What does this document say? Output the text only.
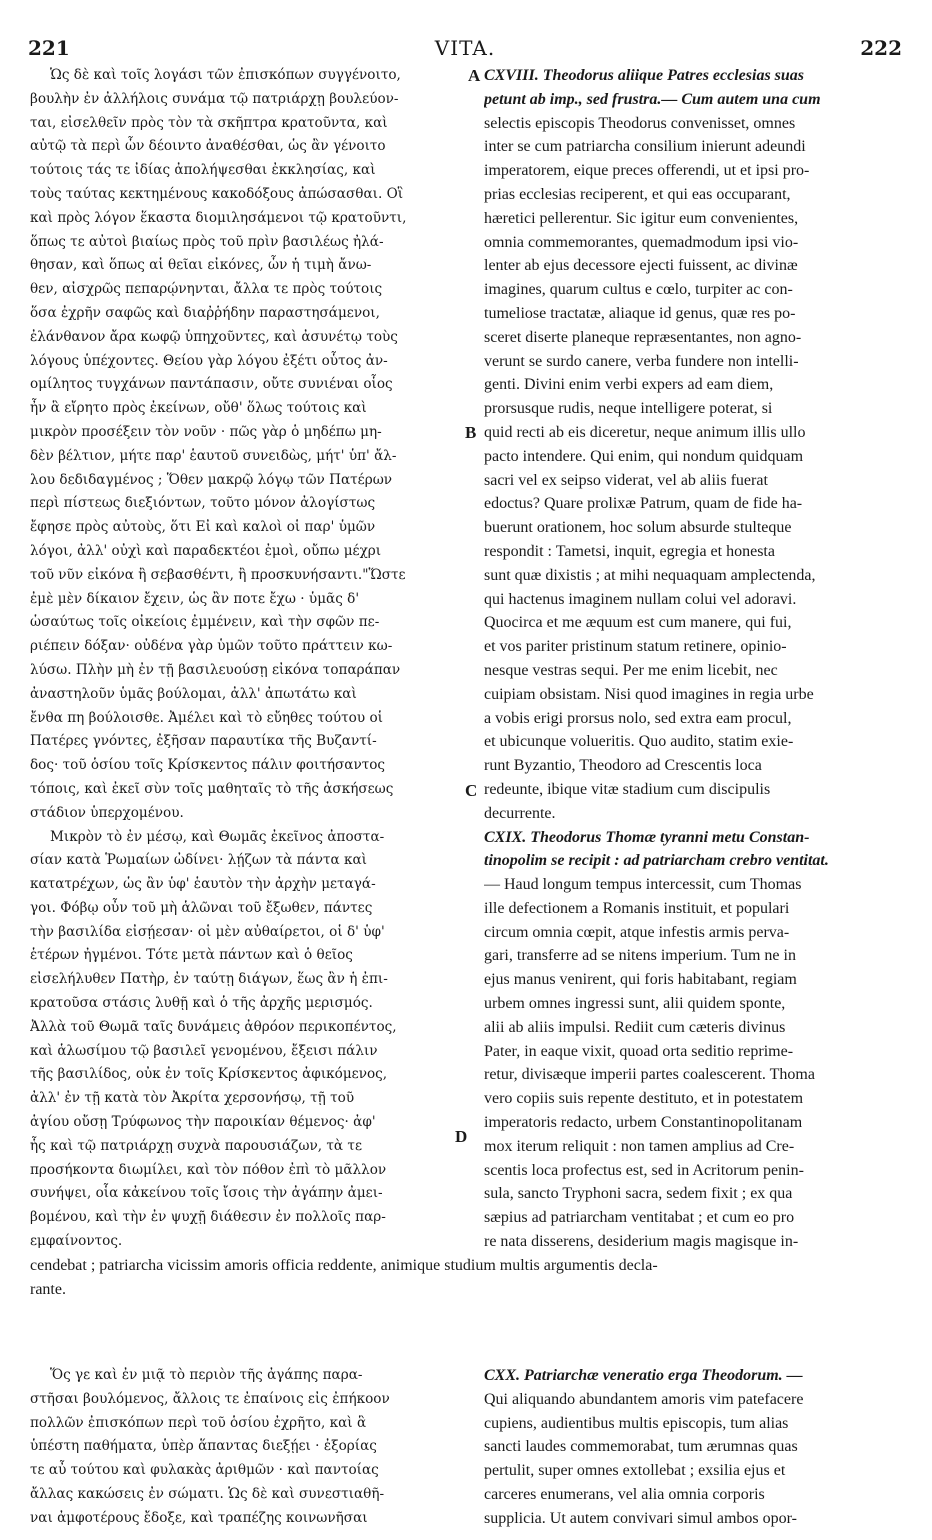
221	VITA.	222
Ὡς δὲ καὶ τοῖς λογάσι τῶν ἐπισκόπων συγγένοιτο,
βουλὴν ἐν ἀλλήλοις συνάμα τῷ πατριάρχῃ βουλεύον-
ται, εἰσελθεῖν πρὸς τὸν τὰ σκῆπτρα κρατοῦντα, καὶ
αὐτῷ τὰ περὶ ὧν δέοιντο ἀναθέσθαι, ὡς ἂν γένοιτο
τούτοις τάς τε ἰδίας ἀπολήψεσθαι ἐκκλησίας, καὶ
τοὺς ταύτας κεκτημένους κακοδόξους ἀπώσασθαι. Οἳ
καὶ πρὸς λόγον ἕκαστα διομιλησάμενοι τῷ κρατοῦντι,
ὅπως τε αὐτοὶ βιαίως πρὸς τοῦ πρὶν βασιλέως ἠλά-
θησαν, καὶ ὅπως αἱ θεῖαι εἰκόνες, ὧν ἡ τιμὴ ἄνω-
θεν, αἰσχρῶς πεπαρῴνηνται, ἄλλα τε πρὸς τούτοις
ὅσα ἐχρῆν σαφῶς καὶ διαῤῥήδην παραστησάμενοι,
ἐλάνθανον ἄρα κωφῷ ὑπηχοῦντες, καὶ ἀσυνέτῳ τοὺς
λόγους ὑπέχοντες. Θείου γὰρ λόγου ἐξέτι οὗτος ἀν-
ομίλητος τυγχάνων παντάπασιν, οὔτε συνιέναι οἷος
ἦν ἃ εἴρητο πρὸς ἐκείνων, οὔθ' ὅλως τούτοις καὶ
μικρὸν προσέξειν τὸν νοῦν · πῶς γὰρ ὁ μηδέπω μη-
δὲν βέλτιον, μήτε παρ' ἑαυτοῦ συνειδὼς, μήτ' ὑπ' ἄλ-
λου δεδιδαγμένος ; Ὅθεν μακρῷ λόγῳ τῶν Πατέρων
περὶ πίστεως διεξιόντων, τοῦτο μόνον ἀλογίστως
ἔφησε πρὸς αὐτοὺς, ὅτι Εἰ καὶ καλοὶ οἱ παρ' ὑμῶν
λόγοι, ἀλλ' οὐχὶ καὶ παραδεκτέοι ἐμοὶ, οὔπω μέχρι
τοῦ νῦν εἰκόνα ἢ σεβασθέντι, ἢ προσκυνήσαντι."Ὥστε
ἐμὲ μὲν δίκαιον ἔχειν, ὡς ἂν ποτε ἔχω · ὑμᾶς δ'
ὡσαύτως τοῖς οἰκείοις ἐμμένειν, καὶ τὴν σφῶν πε-
ριέπειν δόξαν· οὐδένα γὰρ ὑμῶν τοῦτο πράττειν κω-
λύσω. Πλὴν μὴ ἐν τῇ βασιλευούσῃ εἰκόνα τοπαράπαν
ἀναστηλοῦν ὑμᾶς βούλομαι, ἀλλ' ἀπωτάτω καὶ
ἔνθα πη βούλοισθε. Ἀμέλει καὶ τὸ εὔηθες τούτου οἱ
Πατέρες γνόντες, ἐξῆσαν παραυτίκα τῆς Βυζαντί-
δος· τοῦ ὁσίου τοῖς Κρίσκεντος πάλιν φοιτήσαντος
τόποις, καὶ ἐκεῖ σὺν τοῖς μαθηταῖς τὸ τῆς ἀσκήσεως
στάδιον ὑπερχομένου.
Μικρὸν τὸ ἐν μέσῳ, καὶ Θωμᾶς ἐκεῖνος ἀποστα-
σίαν κατὰ Ῥωμαίων ὠδίνει· λῄζων τὰ πάντα καὶ
κατατρέχων, ὡς ἂν ὑφ' ἑαυτὸν τὴν ἀρχὴν μεταγά-
γοι. Φόβῳ οὖν τοῦ μὴ ἁλῶναι τοῦ ἔξωθεν, πάντες
τὴν βασιλίδα εἰσῄεσαν· οἱ μὲν αὐθαίρετοι, οἱ δ' ὑφ'
ἑτέρων ἠγμένοι. Τότε μετὰ πάντων καὶ ὁ θεῖος
εἰσελήλυθεν Πατὴρ, ἐν ταύτῃ διάγων, ἕως ἂν ἡ ἐπι-
κρατοῦσα στάσις λυθῇ καὶ ὁ τῆς ἀρχῆς μερισμός.
Ἀλλὰ τοῦ Θωμᾶ ταῖς δυνάμεις ἀθρόον περικοπέντος,
καὶ ἁλωσίμου τῷ βασιλεῖ γενομένου, ἔξεισι πάλιν
τῆς βασιλίδος, οὐκ ἐν τοῖς Κρίσκεντος ἀφικόμενος,
ἀλλ' ἐν τῇ κατὰ τὸν Ἀκρίτα χερσονήσῳ, τῇ τοῦ
ἁγίου οὔσῃ Τρύφωνος τὴν παροικίαν θέμενος· ἀφ'
ἧς καὶ τῷ πατριάρχῃ συχνὰ παρουσιάζων, τὰ τε
προσήκοντα διωμίλει, καὶ τὸν πόθον ἐπὶ τὸ μᾶλλον
συνήψει, οἷα κἀκείνου τοῖς ἴσοις τὴν ἀγάπην ἀμει-
βομένου, καὶ τὴν ἐν ψυχῇ διάθεσιν ἐν πολλοῖς παρ-
εμφαίνοντος.
CXVIII. Theodorus aliique Patres ecclesias suas
petunt ab imp., sed frustra.— Cum autem una cum
selectis episcopis Theodorus convenisset, omnes
inter se cum patriarcha consilium inierunt adeundi
imperatorem, eique preces offerendi, ut et ipsi pro-
prias ecclesias reciperent, et qui eas occuparant,
hæretici pellerentur. Sic igitur eum convenientes,
omnia commemorantes, quemadmodum ipsi vio-
lenter ab ejus decessore ejecti fuissent, ac divinæ
imagines, quarum cultus e cœlo, turpiter ac con-
tumeliose tractatæ, aliaque id genus, quæ res po-
sceret diserte planeque repræsentantes, non agno-
verunt se surdo canere, verba fundere non intelli-
genti. Divini enim verbi expers ad eam diem,
prorsusque rudis, neque intelligere poterat, si
quid recti ab eis diceretur, neque animum illis ullo
pacto intendere. Qui enim, qui nondum quidquam
sacri vel ex seipso viderat, vel ab aliis fuerat
edoctus? Quare prolixæ Patrum, quam de fide ha-
buerunt orationem, hoc solum absurde stulteque
respondit : Tametsi, inquit, egregia et honesta
sunt quæ dixistis ; at mihi nequaquam amplectenda,
qui hactenus imaginem nullam colui vel adoravi.
Quocirca et me æquum est cum manere, qui fui,
et vos pariter pristinum statum retinere, opinio-
nesque vestras sequi. Per me enim licebit, nec
cuipiam obsistam. Nisi quod imagines in regia urbe
a vobis erigi prorsus nolo, sed extra eam procul,
et ubicunque volueritis. Quo audito, statim exie-
runt Byzantio, Theodoro ad Crescentis loca
redeunte, ibique vitæ stadium cum discipulis
decurrente.
CXIX. Theodorus Thomæ tyranni metu Constan-
tinopolim se recipit : ad patriarcham crebro ventitat.
— Haud longum tempus intercessit, cum Thomas
ille defectionem a Romanis instituit, et populari
circum omnia cœpit, atque infestis armis perva-
gari, transferre ad se nitens imperium. Tum ne in
ejus manus venirent, qui foris habitabant, regiam
urbem omnes ingressi sunt, alii quidem sponte,
alii ab aliis impulsi. Rediit cum cæteris divinus
Pater, in eaque vixit, quoad orta seditio reprime-
retur, divisæque imperii partes coalescerent. Thoma
vero copiis suis repente destituto, et in potestatem
imperatoris redacto, urbem Constantinopolitanam
mox iterum reliquit : non tamen amplius ad Cre-
scentis loca profectus est, sed in Acritorum penin-
sula, sancto Tryphoni sacra, sedem fixit ; ex qua
sæpius ad patriarcham ventitabat ; et cum eo pro
re nata disserens, desiderium magis magisque in-
A
B
C
D
cendebat ; patriarcha vicissim amoris officia reddente, animique studium multis argumentis decla-
rante.
Ὅς γε καὶ ἐν μιᾷ τὸ περιὸν τῆς ἀγάπης παρα-
στῆσαι βουλόμενος, ἄλλοις τε ἐπαίνοις εἰς ἐπήκοον
πολλῶν ἐπισκόπων περὶ τοῦ ὁσίου ἐχρῆτο, καὶ ἃ
ὑπέστη παθήματα, ὑπὲρ ἅπαντας διεξῄει · ἐξορίας
τε αὖ τούτου καὶ φυλακὰς ἀριθμῶν · καὶ παντοίας
ἄλλας κακώσεις ἐν σώματι. Ὡς δὲ καὶ συνεστιαθῆ-
ναι ἀμφοτέρους ἔδοξε, καὶ τραπέζης κοινωνῆσαι
CXX. Patriarchæ veneratio erga Theodorum. —
Qui aliquando abundantem amoris vim patefacere
cupiens, audientibus multis episcopis, tum alias
sancti laudes commemorabat, tum ærumnas quas
pertulit, super omnes extollebat ; exsilia ejus et
carceres enumerans, vel alia omnia corporis
supplicia. Ut autem convivari simul ambos opor-
